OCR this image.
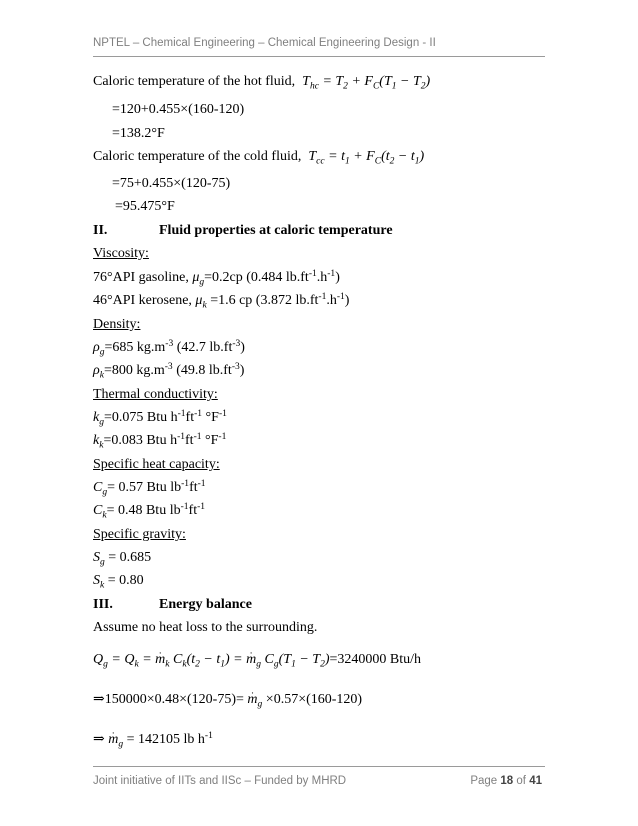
NPTEL – Chemical Engineering – Chemical Engineering Design - II
Caloric temperature of the hot fluid,  $T_{hc} = T_2 + F_C(T_1 - T_2)$
=120+0.455×(160-120)
=138.2°F
Caloric temperature of the cold fluid,  $T_{cc} = t_1 + F_C(t_2 - t_1)$
=75+0.455×(120-75)
=95.475°F
II.	Fluid properties at caloric temperature
Viscosity:
76°API gasoline, $\mu_g=0.2cp$ (0.484 $lb.ft^{-1}.h^{-1}$)
46°API kerosene, $\mu_k =1.6$ cp (3.872 $lb.ft^{-1}.h^{-1}$)
Density:
$\rho_g=685$ $kg.m^{-3}$ (42.7 $lb.ft^{-3}$)
$\rho_k=800$ $kg.m^{-3}$ (49.8 $lb.ft^{-3}$)
Thermal conductivity:
$k_g=0.075$ Btu $h^{-1}ft^{-1}$ $^\circ F^{-1}$
$k_k=0.083$ Btu $h^{-1}ft^{-1}$ $^\circ F^{-1}$
Specific heat capacity:
$C_g= 0.57$ Btu $lb^{-1}ft^{-1}$
$C_k= 0.48$ Btu $lb^{-1}ft^{-1}$
Specific gravity:
$S_g = 0.685$
$S_k = 0.80$
III.	Energy balance
Assume no heat loss to the surrounding.
$Q_g = Q_k$ = · $m_k$ $C_k(t_2 - t_1)$ = · $m_g$ $C_g(T_1 - T_2)=3240000$ Btu/h
⇒150000×0.48×(120-75)= · $m_g \times 0.57\times(160-120)$
⇒ · $m_g = 142105$ lb $h^{-1}$
Joint initiative of IITs and IISc – Funded by MHRD	Page 18 of 41
